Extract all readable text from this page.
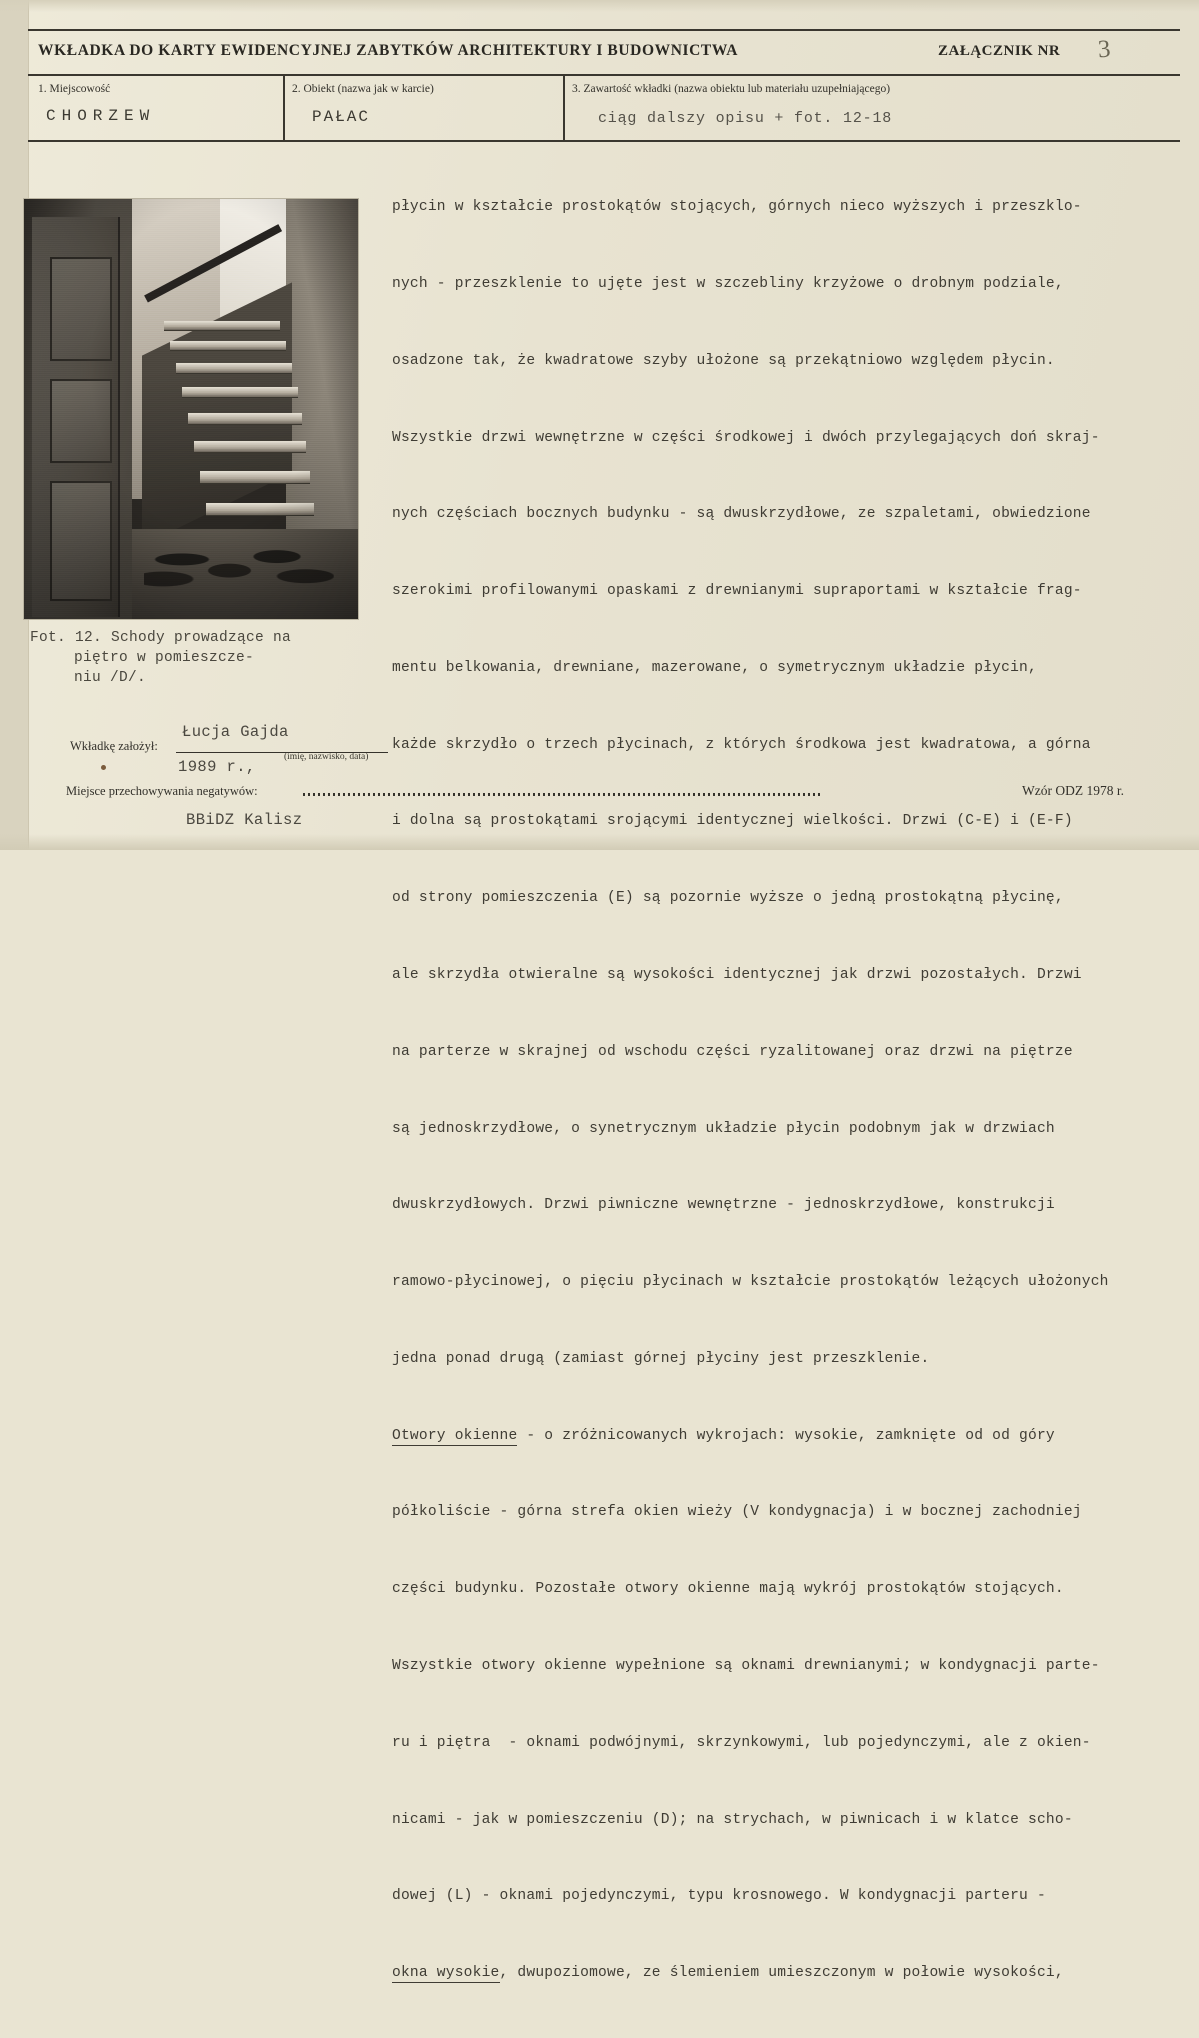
WKŁADKA DO KARTY EWIDENCYJNEJ ZABYTKÓW ARCHITEKTURY I BUDOWNICTWA	ZAŁĄCZNIK NR 3
1. Miejscowość
CHORZEW
2. Obiekt (nazwa jak w karcie)
PAŁAC
3. Zawartość wkładki (nazwa obiektu lub materiału uzupełniającego)
ciąg dalszy opisu + fot. 12-18
Fot. 12. Schody prowadzące na
piętro w pomieszcze-
niu /D/.
Łucja Gajda
Wkładkę założył:
1989 r.,
(imię, nazwisko, data)
Miejsce przechowywania negatywów:
BBiDZ Kalisz
Wzór ODZ 1978 r.

płycin w kształcie prostokątów stojących, górnych nieco wyższych i przeszklo-

nych - przeszklenie to ujęte jest w szczebliny krzyżowe o drobnym podziale,

osadzone tak, że kwadratowe szyby ułożone są przekątniowo względem płycin.

Wszystkie drzwi wewnętrzne w części środkowej i dwóch przylegających doń skraj-

nych częściach bocznych budynku - są dwuskrzydłowe, ze szpaletami, obwiedzione

szerokimi profilowanymi opaskami z drewnianymi supraportami w kształcie frag-

mentu belkowania, drewniane, mazerowane, o symetrycznym układzie płycin,

każde skrzydło o trzech płycinach, z których środkowa jest kwadratowa, a górna

i dolna są prostokątami srojącymi identycznej wielkości. Drzwi (C-E) i (E-F)

od strony pomieszczenia (E) są pozornie wyższe o jedną prostokątną płycinę,

ale skrzydła otwieralne są wysokości identycznej jak drzwi pozostałych. Drzwi

na parterze w skrajnej od wschodu części ryzalitowanej oraz drzwi na piętrze

są jednoskrzydłowe, o synetrycznym układzie płycin podobnym jak w drzwiach

dwuskrzydłowych. Drzwi piwniczne wewnętrzne - jednoskrzydłowe, konstrukcji

ramowo-płycinowej, o pięciu płycinach w kształcie prostokątów leżących ułożonych

jedna ponad drugą (zamiast górnej płyciny jest przeszklenie.

Otwory okienne - o zróżnicowanych wykrojach: wysokie, zamknięte od od góry

półkoliście - górna strefa okien wieży (V kondygnacja) i w bocznej zachodniej

części budynku. Pozostałe otwory okienne mają wykrój prostokątów stojących.

Wszystkie otwory okienne wypełnione są oknami drewnianymi; w kondygnacji parte-

ru i piętra  - oknami podwójnymi, skrzynkowymi, lub pojedynczymi, ale z okien-

nicami - jak w pomieszczeniu (D); na strychach, w piwnicach i w klatce scho-

dowej (L) - oknami pojedynczymi, typu krosnowego. W kondygnacji parteru -

okna wysokie, dwupoziomowe, ze ślemieniem umieszczonym w połowie wysokości,
